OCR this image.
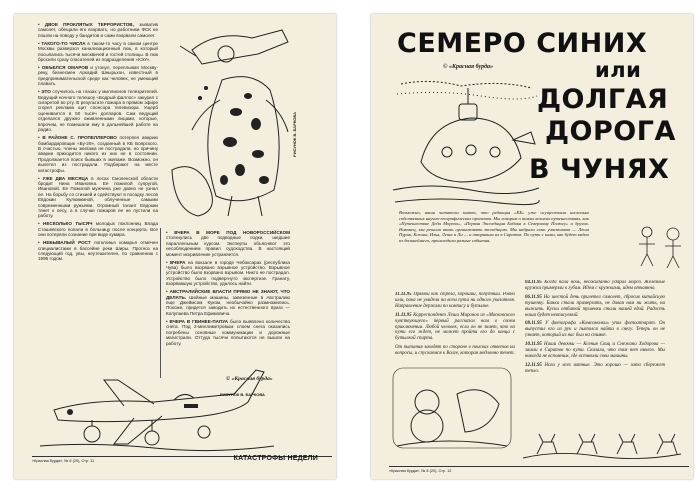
• ДВОЕ ПРОКЛЯТЫХ ТЕРРОРИСТОВ, захватив самолет, обещали его взорвать, но работники ФСК не пошли на поводу у бандитов и сами взорвали самолет.
• ТАКОГО-ТО ЧИСЛА в таком-то часу в самом центре Москвы разверзся канализационный люк, в который посыпались тысячи москвичей и гостей столицы. В люк бросили сразу спасателей из подразделения «КЭУ».
• ОБЪЕЛСЯ ОМАРОВ и утонул, переплывая Москву-реку, бизнесмен Аркадий Шнырьхон, известный в предпринимательской среде как человек, не умеющий плавать.
• ЭТО случилось на глазах у миллионов телезрителей. Ведущий ночного телешоу «Бодрый фаллос» закурил с сигаретой во рту. В результате пожара в прямом эфире сгорел реклама щит спонсора телевизора. Ущерб оценивается в 50 тысяч долларов. Сам ведущий отделался дружно оживленными лицами, которые, впрочем, не помешали ему в дальнейшей работе на радио.
• В РАЙОНЕ С. ПРОПЕЛЛЕРОВО потерпел аварию бомбардировщик «Бу-29», созданный в КБ Боярского. В счастью, члены экипажа не пострадали, но причину аварии приходится никого из них не в состоянии. Продолжается поиск бывших в экипаже. Возможно, он вылетел из пострадали. Подбирают на месте катастрофы.
• УЖЕ ДВА МЕСЯЦА в лесах Смоленской области бродит Нина Ивановна. Ее пожилой супругой, Ивановой. Ее Пожилой мужчина уже давно не узнал ее. На борьбу со стихией и сдействуют в посадку лесов Евдокии Кулюмкиной, облученные самыми современными ружьями. Огромный талант Евдокии тянет к лесу, а в случае пожаров ее не пустили на работу.
• НЕСКОЛЬКО ТЫСЯЧ молодых поклонниц Влада Сташевского попали в больницу после концерта. Все они потеряли сознание при виде кумира.
• НЕБЫВАЛЫЙ РОСТ поголовья комарья отмечен специалистами в бассейне реки Ширы. Прогноз на следующий год, увы, неутешителен, по сравнению с 1995 годом.
РИСУНОК В. БАРКОВА
• ВЧЕРА В МОРЕ ПОД НОВОРОССИЙСКОМ столкнулись две подводные лодки, шедшие параллельным курсом. Эксперты объясняют это несоблюдением правил судоходства. В настоящий момент искривление устраняется.
• ВЧЕРА на вокзале в городе Чебоксарах (республика Чува) было взорвано взрывное устройство. Взрывное устройство было взорвано взрывом. Никто не пострадал. Устройство было подвергнуто экспертизе. Гранату, взорвавшую устройство, удалось найти.
• АВСТРАЛИЙСКИЕ ВЛАСТИ ПРЯМО НЕ ЗНАЮТ, ЧТО ДЕЛАТЬ. Шейные машины, завезенные в Австралию еще Джеймсом Куком, необычайно размножились. Похоже, придется заводить их естественного врага — Колупаева Петра Ефимовича.
• ВЧЕРА В ГВИНЕЕ-ПАПУА было выявлено количество снега. Под 2-миллиметровым слоем снега оказались погребены основные коммуникации и дорожные магистрали. Оттуда тысячи попытаются не вышли на работу.
© «Красная бурда»
РИСУНОК В. БАРКОВА
«Красная бурда», № 8 (20), Стр. 11	КАТАСТРОФЫ НЕДЕЛИ
СЕМЕРО СИНИХ
или
ДОЛГАЯ
ДОРОГА
В ЧУНЯХ
© «Красная бурда»
Возможно, наши читатели знают, что редакция «КБ» уже осуществила несколько собственных научно-географических проектов. Мы говорим о таких великих путешествиях, как «Путешествие Деда Мороза», «Первая Экспедиция Бобика к Северному Полюсу» и других. Наконец, мы решили вновь организовать экспедицию. Мы набрали семь участников — Леша Пурик, Ксюша, Илья, Леша и Ли — и отправили их в Саратов. По пути с нами, как будет видно из дальнейшего, происходили разные события.
11.11.95 Прямой как стрела, хороший, попутный. Ровно шли, пока не увидели на всем пути ни одного указателя. Направление держали по компасу и бутылке.
11.11.95 Корреспондент Леша Миронов из «Московского чувствующего» первый рассказал нам о своем приключении. Любой человек, если он не знает, что на пути его ждет, не может пройти его до конца с бутылкой спирта.
От пытания заводят по стороне в поисках ответов на вопросы, и спускаемся к Волге, которая медленно течет.
04.11.95 Когда пала ночь, неожиданно ударил мороз. Железные кружки примерзли к губам. Идем с кружками, идем отчаянно.
06.11.95 На шестой день прилетел самолет, сбросив китайскую тушенку. Банки стали примерзать, не давая нам ни жить, ни выжить. Куски отбитой тушенки стали нашей едой. Радость наша будет неописуемой.
08.11.95 У фотографа «Комсомолки» упал фотоаппарат. Он выпустил его из рук и пытался найти в снегу. Теперь он не узнает, который из нас был на снимке.
10.11.95 Наши девочки — Ксения Свиц и Снежана Ходорова — зашли в Саратов по пути. Сказали, что там нет ничего. Мы никогда не вспомним, где оставили свои машины.
12.11.95 Ноги у всех ватные. Это хорошо — зато сбережет тепло.
«Красная бурда», № 8 (20), Стр. 12
